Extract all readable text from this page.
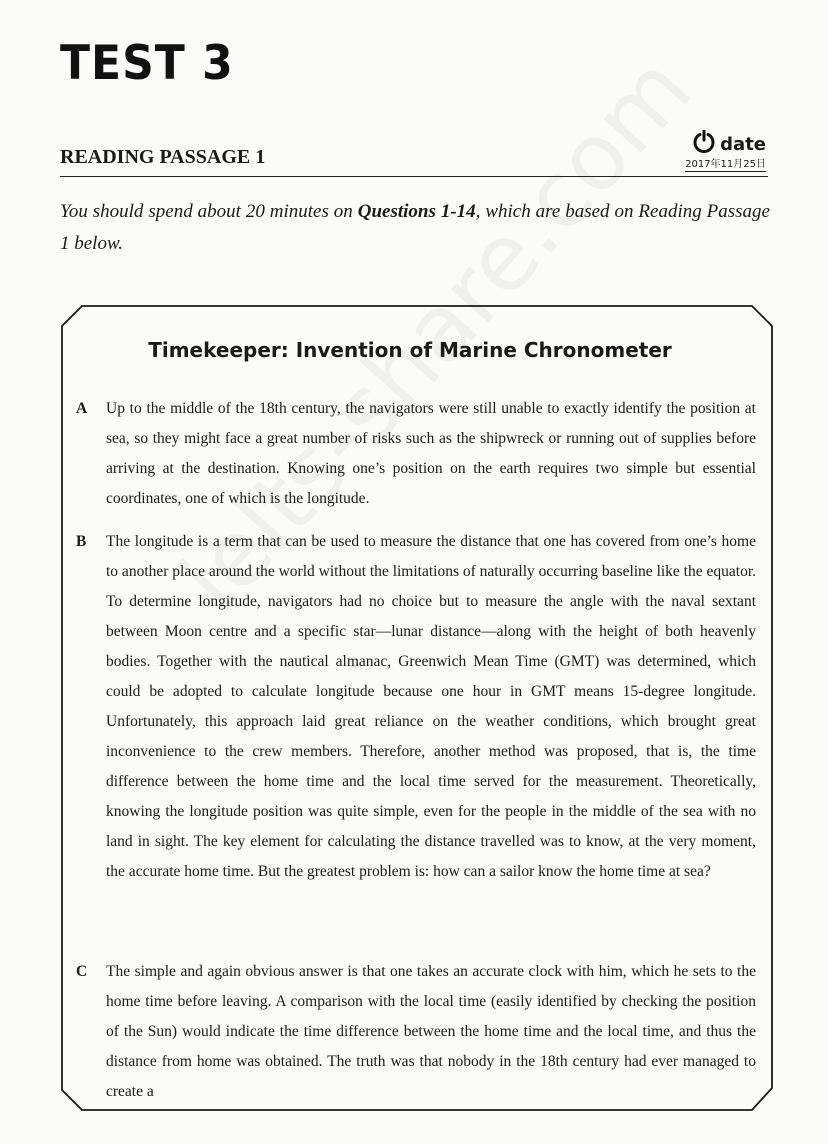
TEST 3
READING PASSAGE 1
date
2017年11月25日

You should spend about 20 minutes on Questions 1-14, which are based on Reading Passage 1 below.

Timekeeper: Invention of Marine Chronometer

A	Up to the middle of the 18th century, the navigators were still unable to exactly identify the position at sea, so they might face a great number of risks such as the shipwreck or running out of supplies before arriving at the destination. Knowing one’s position on the earth requires two simple but essential coordinates, one of which is the longitude.

B	The longitude is a term that can be used to measure the distance that one has covered from one’s home to another place around the world without the limitations of naturally occurring baseline like the equator. To determine longitude, navigators had no choice but to measure the angle with the naval sextant between Moon centre and a specific star—lunar distance—along with the height of both heavenly bodies. Together with the nautical almanac, Greenwich Mean Time (GMT) was determined, which could be adopted to calculate longitude because one hour in GMT means 15-degree longitude. Unfortunately, this approach laid great reliance on the weather conditions, which brought great inconvenience to the crew members. Therefore, another method was proposed, that is, the time difference between the home time and the local time served for the measurement. Theoretically, knowing the longitude position was quite simple, even for the people in the middle of the sea with no land in sight. The key element for calculating the distance travelled was to know, at the very moment, the accurate home time. But the greatest problem is: how can a sailor know the home time at sea?

C	The simple and again obvious answer is that one takes an accurate clock with him, which he sets to the home time before leaving. A comparison with the local time (easily identified by checking the position of the Sun) would indicate the time difference between the home time and the local time, and thus the distance from home was obtained. The truth was that nobody in the 18th century had ever managed to create a
